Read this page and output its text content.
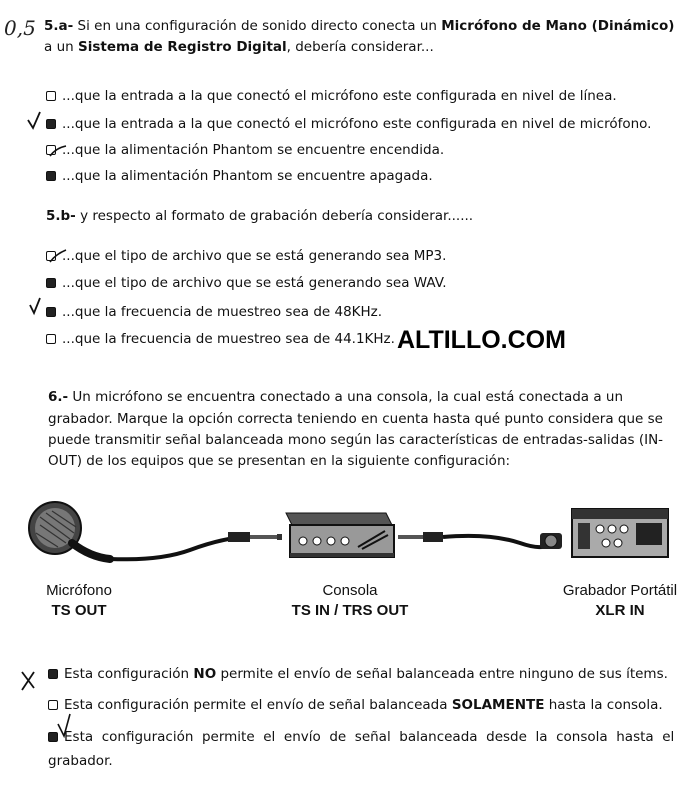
0,5 5.a- Si en una configuración de sonido directo conecta un Micrófono de Mano (Dinámico)
a un Sistema de Registro Digital, debería considerar...
...que la entrada a la que conectó el micrófono este configurada en nivel de línea.
...que la entrada a la que conectó el micrófono este configurada en nivel de micrófono.
...que la alimentación Phantom se encuentre encendida.
...que la alimentación Phantom se encuentre apagada.
5.b- y respecto al formato de grabación debería considerar......
...que el tipo de archivo que se está generando sea MP3.
...que el tipo de archivo que se está generando sea WAV.
...que la frecuencia de muestreo sea de 48KHz.
...que la frecuencia de muestreo sea de 44.1KHz. ALTILLO.COM
6.- Un micrófono se encuentra conectado a una consola, la cual está conectada a un
grabador. Marque la opción correcta teniendo en cuenta hasta qué punto considera que se
puede transmitir señal balanceada mono según las características de entradas-salidas (IN-
OUT) de los equipos que se presentan en la siguiente configuración:
Micrófono
TS OUT
Consola
TS IN / TRS OUT
Grabador Portátil
XLR IN
Esta configuración NO permite el envío de señal balanceada entre ninguno de sus ítems.
Esta configuración permite el envío de señal balanceada SOLAMENTE hasta la consola.
Esta  configuración  permite  el  envío  de  señal  balanceada  desde  la  consola  hasta  el
grabador.
